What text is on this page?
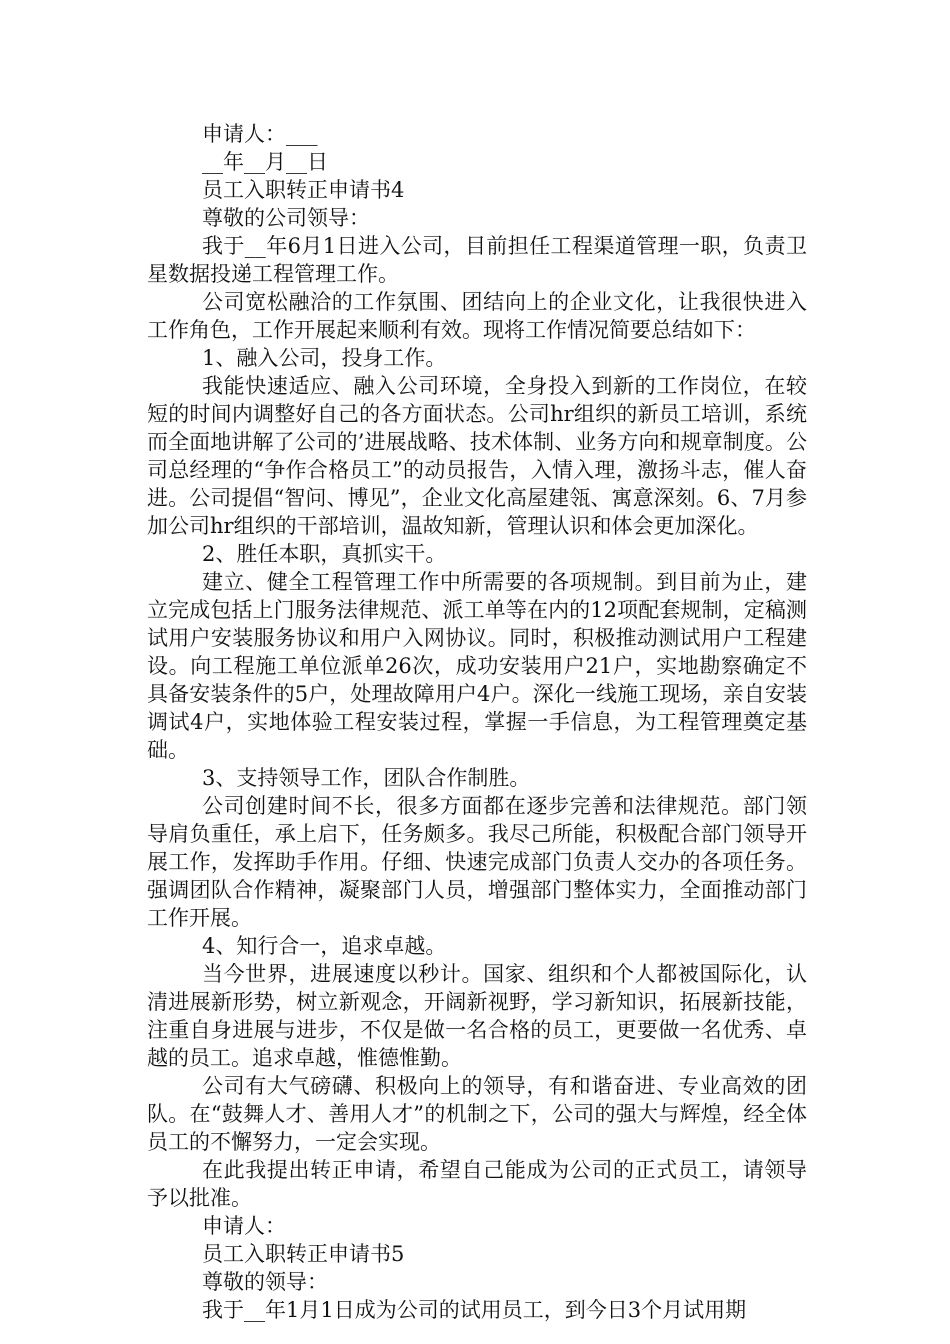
申请人：___

__年__月__日

员工入职转正申请书4

尊敬的公司领导：

我于__年6月1日进入公司，目前担任工程渠道管理一职，负责卫星数据投递工程管理工作。

公司宽松融洽的工作氛围、团结向上的企业文化，让我很快进入工作角色，工作开展起来顺利有效。现将工作情况简要总结如下：

1、融入公司，投身工作。

我能快速适应、融入公司环境，全身投入到新的工作岗位，在较短的时间内调整好自己的各方面状态。公司hr组织的新员工培训，系统而全面地讲解了公司的’进展战略、技术体制、业务方向和规章制度。公司总经理的“争作合格员工”的动员报告，入情入理，激扬斗志，催人奋进。公司提倡“智问、博见”，企业文化高屋建瓴、寓意深刻。6、7月参加公司hr组织的干部培训，温故知新，管理认识和体会更加深化。

2、胜任本职，真抓实干。

建立、健全工程管理工作中所需要的各项规制。到目前为止，建立完成包括上门服务法律规范、派工单等在内的12项配套规制，定稿测试用户安装服务协议和用户入网协议。同时，积极推动测试用户工程建设。向工程施工单位派单26次，成功安装用户21户，实地勘察确定不具备安装条件的5户，处理故障用户4户。深化一线施工现场，亲自安装调试4户，实地体验工程安装过程，掌握一手信息，为工程管理奠定基础。

3、支持领导工作，团队合作制胜。

公司创建时间不长，很多方面都在逐步完善和法律规范。部门领导肩负重任，承上启下，任务颇多。我尽己所能，积极配合部门领导开展工作，发挥助手作用。仔细、快速完成部门负责人交办的各项任务。强调团队合作精神，凝聚部门人员，增强部门整体实力，全面推动部门工作开展。

4、知行合一，追求卓越。

当今世界，进展速度以秒计。国家、组织和个人都被国际化，认清进展新形势，树立新观念，开阔新视野，学习新知识，拓展新技能，注重自身进展与进步，不仅是做一名合格的员工，更要做一名优秀、卓越的员工。追求卓越，惟德惟勤。

公司有大气磅礴、积极向上的领导，有和谐奋进、专业高效的团队。在“鼓舞人才、善用人才”的机制之下，公司的强大与辉煌，经全体员工的不懈努力，一定会实现。

在此我提出转正申请，希望自己能成为公司的正式员工，请领导予以批准。

申请人：

员工入职转正申请书5

尊敬的领导：

我于__年1月1日成为公司的试用员工，到今日3个月试用期
